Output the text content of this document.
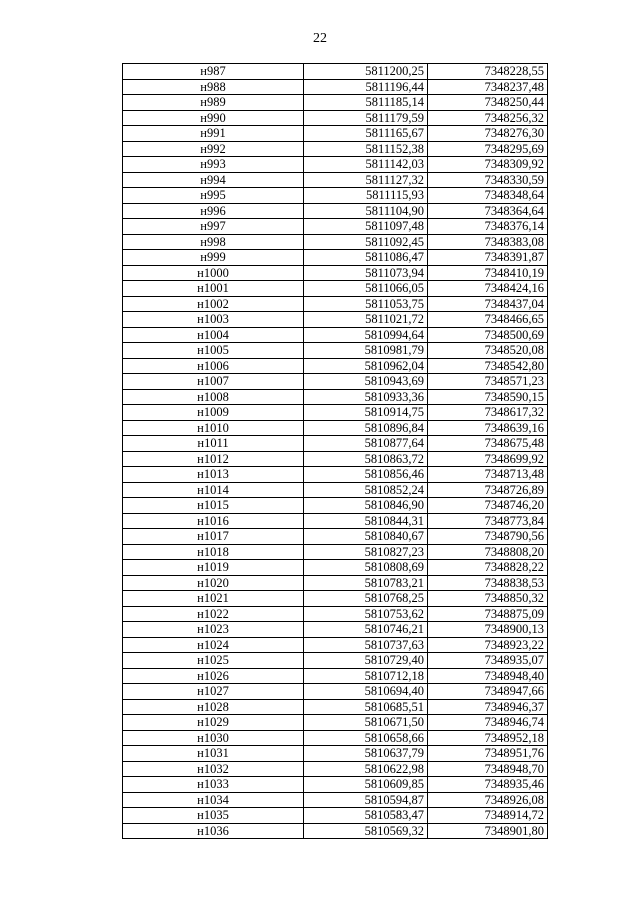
22
н987	5811200,25	7348228,55
н988	5811196,44	7348237,48
н989	5811185,14	7348250,44
н990	5811179,59	7348256,32
н991	5811165,67	7348276,30
н992	5811152,38	7348295,69
н993	5811142,03	7348309,92
н994	5811127,32	7348330,59
н995	5811115,93	7348348,64
н996	5811104,90	7348364,64
н997	5811097,48	7348376,14
н998	5811092,45	7348383,08
н999	5811086,47	7348391,87
н1000	5811073,94	7348410,19
н1001	5811066,05	7348424,16
н1002	5811053,75	7348437,04
н1003	5811021,72	7348466,65
н1004	5810994,64	7348500,69
н1005	5810981,79	7348520,08
н1006	5810962,04	7348542,80
н1007	5810943,69	7348571,23
н1008	5810933,36	7348590,15
н1009	5810914,75	7348617,32
н1010	5810896,84	7348639,16
н1011	5810877,64	7348675,48
н1012	5810863,72	7348699,92
н1013	5810856,46	7348713,48
н1014	5810852,24	7348726,89
н1015	5810846,90	7348746,20
н1016	5810844,31	7348773,84
н1017	5810840,67	7348790,56
н1018	5810827,23	7348808,20
н1019	5810808,69	7348828,22
н1020	5810783,21	7348838,53
н1021	5810768,25	7348850,32
н1022	5810753,62	7348875,09
н1023	5810746,21	7348900,13
н1024	5810737,63	7348923,22
н1025	5810729,40	7348935,07
н1026	5810712,18	7348948,40
н1027	5810694,40	7348947,66
н1028	5810685,51	7348946,37
н1029	5810671,50	7348946,74
н1030	5810658,66	7348952,18
н1031	5810637,79	7348951,76
н1032	5810622,98	7348948,70
н1033	5810609,85	7348935,46
н1034	5810594,87	7348926,08
н1035	5810583,47	7348914,72
н1036	5810569,32	7348901,80
